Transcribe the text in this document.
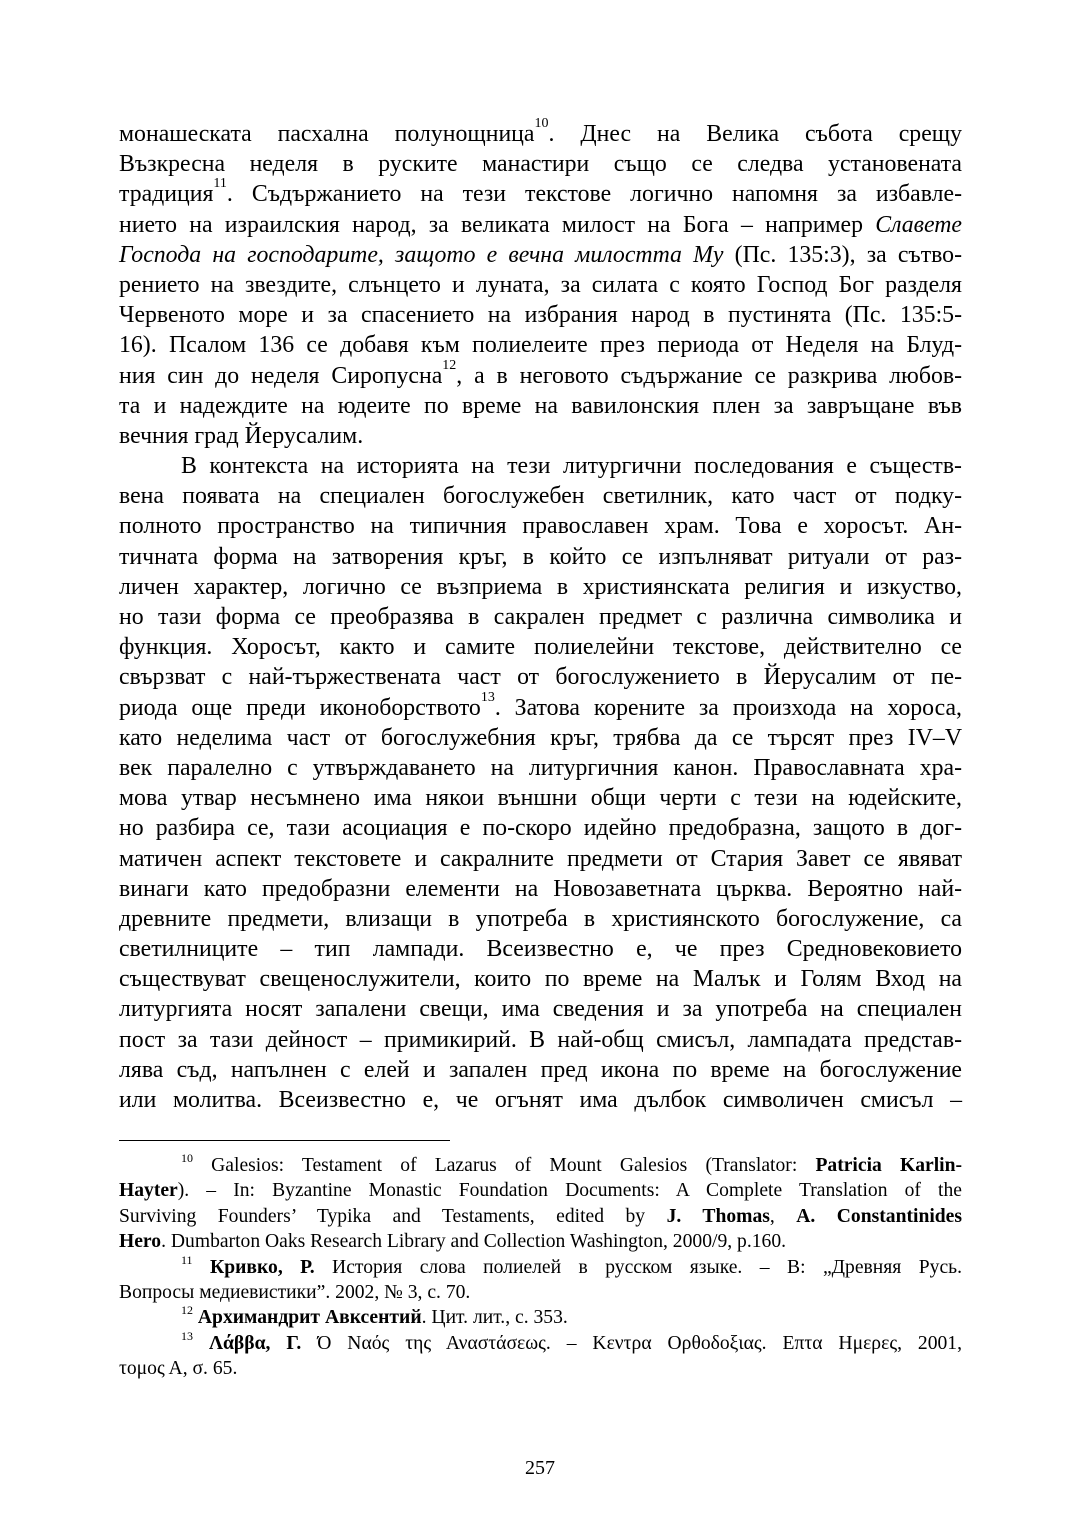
монашеската пасхална полунощница$^{10}$. Днес на Велика събота срещу
Възкресна неделя в руските манастири също се следва установената
традиция$^{11}$. Съдържанието на тези текстове логично напомня за избавле-
нието на израилския народ, за великата милост на Бога – например Славете
Господа на господарите, защото е вечна милостта Му (Пс. 135:3), за сътво-
рението на звездите, слънцето и луната, за силата с която Господ Бог разделя
Червеното море и за спасението на избрания народ в пустинята (Пс. 135:5-
16). Псалом 136 се добавя към полиелеите през периода от Неделя на Блуд-
ния син до неделя Сиропусна$^{12}$, а в неговото съдържание се разкрива любов-
та и надеждите на юдеите по време на вавилонския плен за завръщане във
вечния град Йерусалим.
В контекста на историята на тези литургични последования е съществ-
вена появата на специален богослужебен светилник, като част от подку-
полното пространство на типичния православен храм. Това е хоросът. Ан-
тичната форма на затворения кръг, в който се изпълняват ритуали от раз-
личен характер, логично се възприема в християнската религия и изкуство,
но тази форма се преобразява в сакрален предмет с различна символика и
функция. Хоросът, както и самите полиелейни текстове, действително се
свързват с най-тържествената част от богослужението в Йерусалим от пе-
риода още преди иконоборството$^{13}$. Затова корените за произхода на хороса,
като неделима част от богослужебния кръг, трябва да се търсят през IV–V
век паралелно с утвърждаването на литургичния канон. Православната хра-
мова утвар несъмнено има някои външни общи черти с тези на юдейските,
но разбира се, тази асоциация е по-скоро идейно предобразна, защото в дог-
матичен аспект текстовете и сакралните предмети от Стария Завет се явяват
винаги като предобразни елементи на Новозаветната църква. Вероятно най-
древните предмети, влизащи в употреба в християнското богослужение, са
светилниците – тип лампади. Всеизвестно е, че през Средновековието
съществуват свещенослужители, които по време на Малък и Голям Вход на
литургията носят запалени свещи, има сведения и за употреба на специален
пост за тази дейност – примикирий. В най-общ смисъл, лампадата представ-
лява съд, напълнен с елей и запален пред икона по време на богослужение
или молитва. Всеизвестно е, че огънят има дълбок символичен смисъл –
$^{10}$ Galesios: Testament of Lazarus of Mount Galesios (Translator: Patricia Karlin-
Hayter). – In: Byzantine Monastic Foundation Documents: A Complete Translation of the
Surviving Founders’ Typika and Testaments, edited by J. Thomas, A. Constantinides
Hero. Dumbarton Oaks Research Library and Collection Washington, 2000/9, p.160.
$^{11}$ Кривко, Р. История слова полиелей в русском языке. – В: „Древняя Русь.
Вопросы медиевистики”. 2002, № 3, с. 70.
$^{12}$ Архимандрит Авксентий. Цит. лит., с. 353.
$^{13}$ Λάββα, Γ. Ό Ναός της Αναστάσεως. – Κεντρα Ορθοδοξιας. Επτα Ημερες, 2001,
τομος Α, σ. 65.
257
